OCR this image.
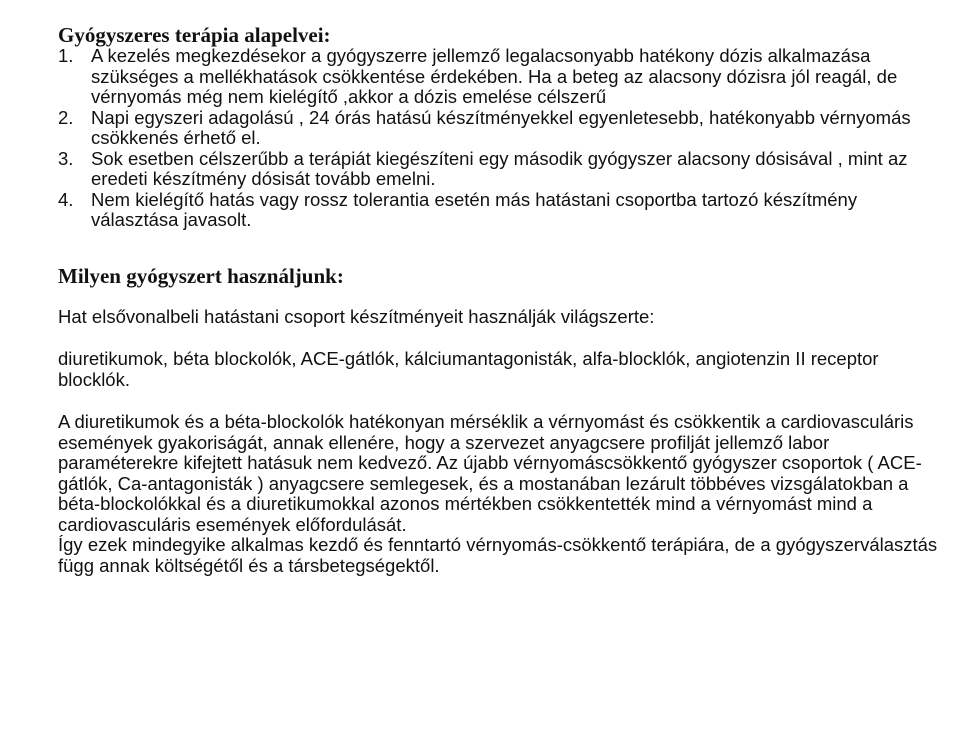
Gyógyszeres terápia alapelvei:
1. A kezelés megkezdésekor a gyógyszerre jellemző legalacsonyabb hatékony dózis alkalmazása szükséges a mellékhatások csökkentése érdekében. Ha a beteg az alacsony dózisra jól reagál, de vérnyomás még nem kielégítő ,akkor a dózis emelése célszerű
2. Napi egyszeri adagolású , 24 órás hatású készítményekkel egyenletesebb, hatékonyabb vérnyomás csökkenés érhető el.
3. Sok esetben célszerűbb a terápiát kiegészíteni egy második gyógyszer alacsony dósisával , mint az eredeti készítmény dósisát tovább emelni.
4. Nem kielégítő hatás vagy rossz tolerantia esetén más hatástani csoportba tartozó készítmény választása javasolt.
Milyen gyógyszert használjunk:

Hat elsővonalbeli hatástani csoport készítményeit használják világszerte:

diuretikumok, béta blockolók, ACE-gátlók, kálciumantagonisták, alfa-blocklók, angiotenzin II receptor blocklók.

A diuretikumok és a béta-blockolók hatékonyan mérséklik a vérnyomást és csökkentik a cardiovasculáris események gyakoriságát, annak ellenére, hogy a szervezet anyagcsere profilját jellemző labor paraméterekre kifejtett hatásuk nem kedvező. Az újabb vérnyomáscsökkentő gyógyszer csoportok ( ACE-gátlók, Ca-antagonisták ) anyagcsere semlegesek, és a mostanában lezárult többéves vizsgálatokban a béta-blockolókkal és a diuretikumokkal azonos mértékben csökkentették mind a vérnyomást mind a cardiovasculáris események előfordulását.

Így ezek mindegyike alkalmas kezdő és fenntartó vérnyomás-csökkentő terápiára, de a gyógyszerválasztás függ annak költségétől és a társbetegségektől.
